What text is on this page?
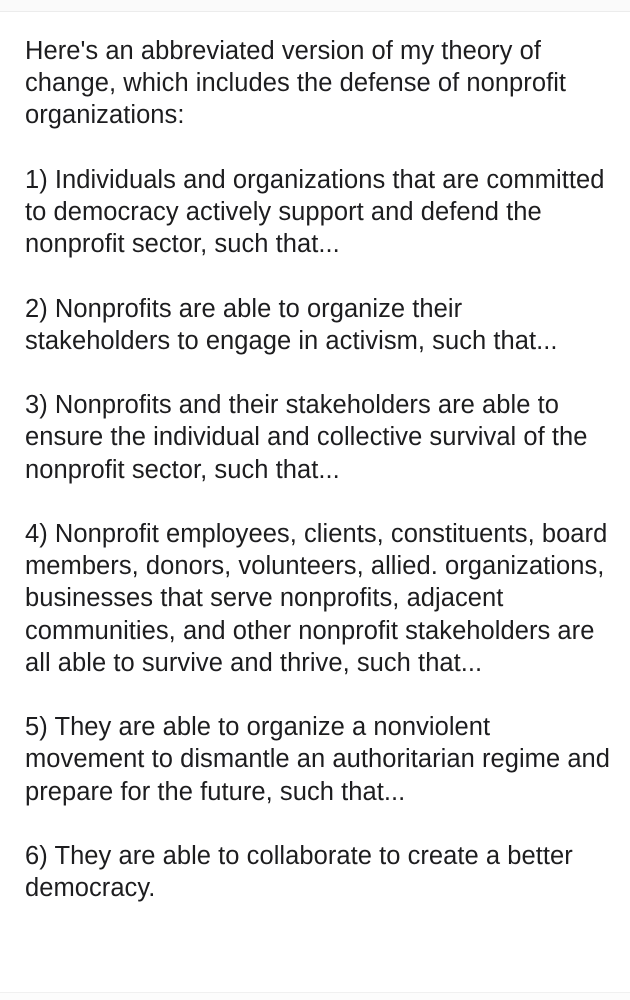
Here's an abbreviated version of my theory of change, which includes the defense of nonprofit organizations:

1) Individuals and organizations that are committed to democracy actively support and defend the nonprofit sector, such that...

2) Nonprofits are able to organize their stakeholders to engage in activism, such that...

3) Nonprofits and their stakeholders are able to ensure the individual and collective survival of the nonprofit sector, such that...

4) Nonprofit employees, clients, constituents, board members, donors, volunteers, allied. organizations, businesses that serve nonprofits, adjacent communities, and other nonprofit stakeholders are all able to survive and thrive, such that...

5) They are able to organize a nonviolent movement to dismantle an authoritarian regime and prepare for the future, such that...

6) They are able to collaborate to create a better democracy.
